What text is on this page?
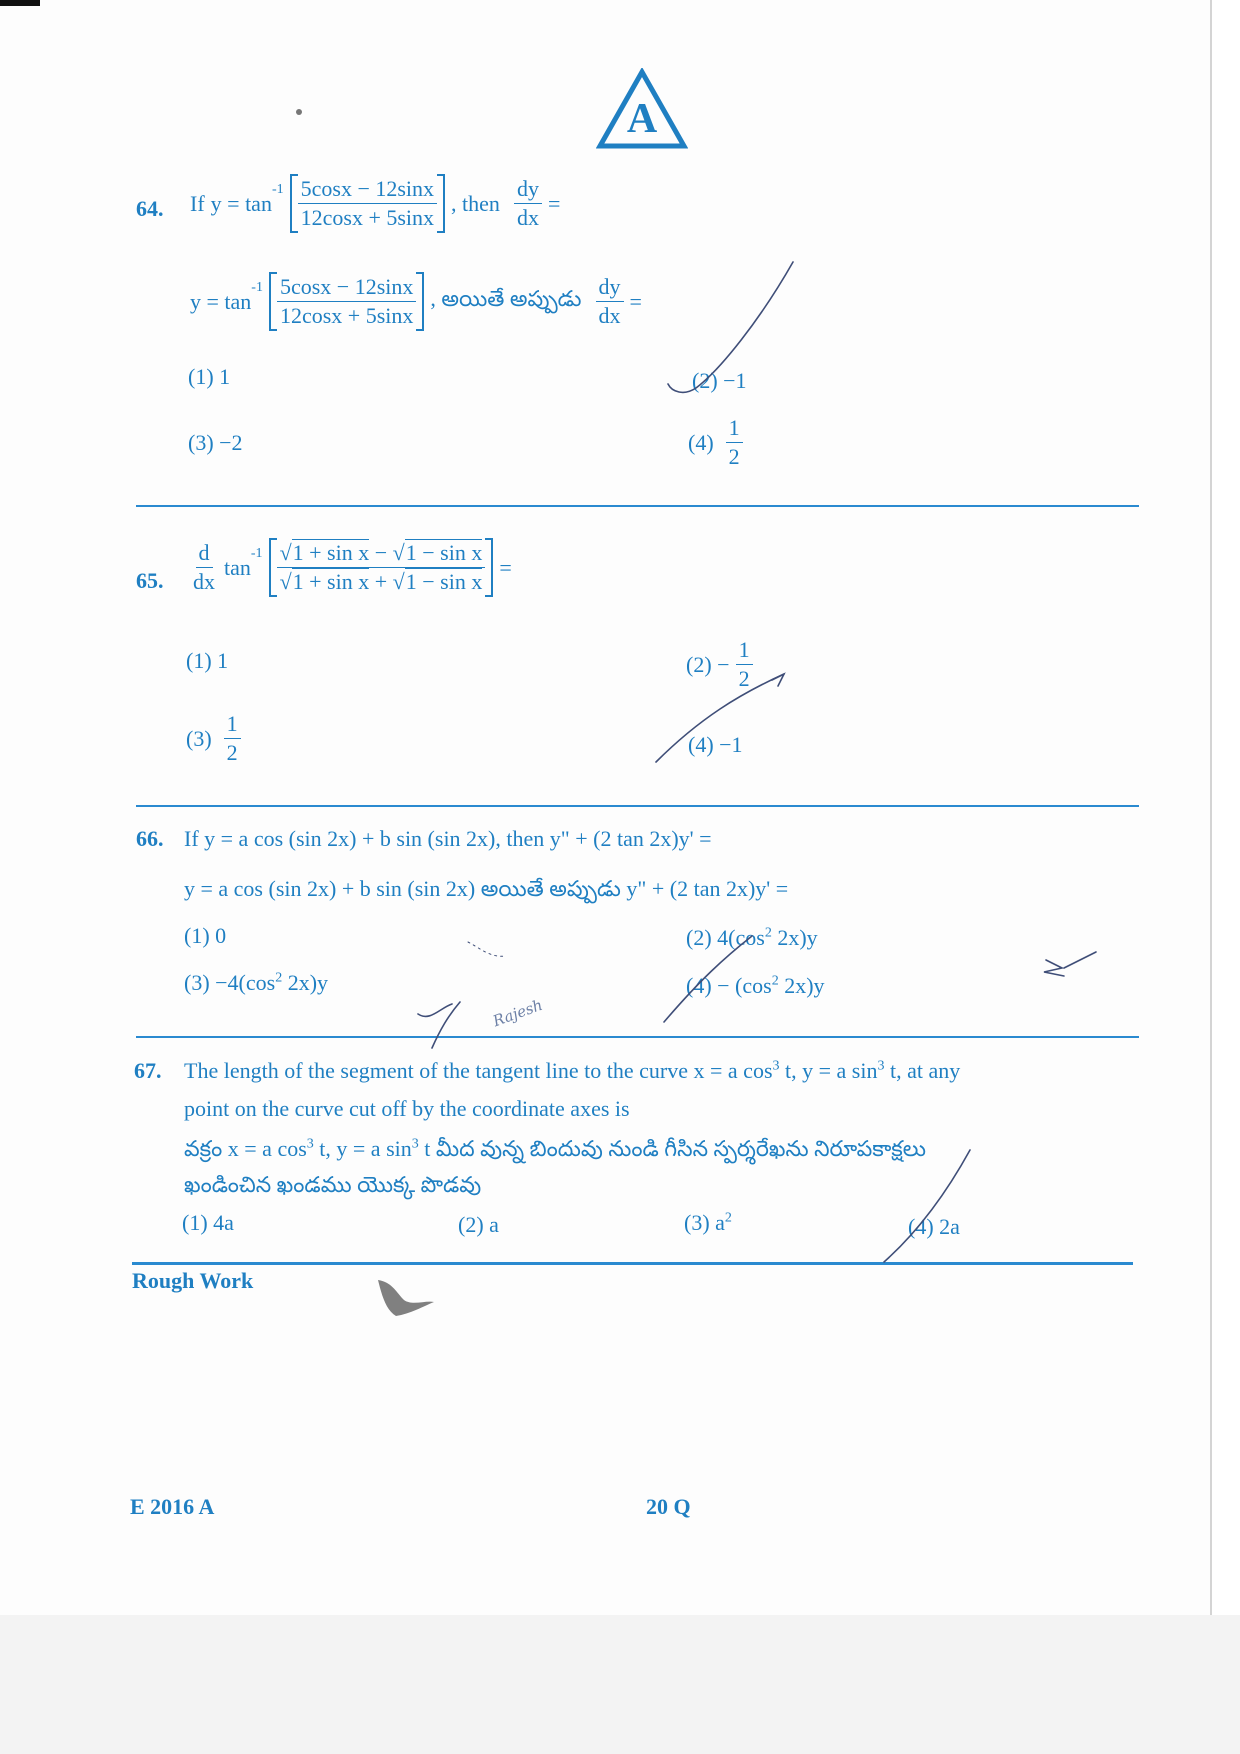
A
64. If y = tan
$^{-1} \frac{5\cos x - 12\sin x}{12\cos x + 5\sin x}$ , then $\frac{dy}{dx}$ =
y = tan
$^{-1} \frac{5\cos x - 12\sin x}{12\cos x + 5\sin x}$ , అయితే అప్పుడు $\frac{dy}{dx}$ =
(1) 1	(2) −1
(3) −2	$(4) \frac{1}{2}$
65. $\frac{d}{dx}$ tan
$^{-1} \frac{\text{√1 + sin x − √1 − sin x}}{\text{√1 + sin x + √1 − sin x}}$ =
(1) 1	$(2) - \frac{1}{2}$
$(3) \frac{1}{2}$	(4) −1
66. If y = a cos (sin 2x) + b sin (sin 2x), then y" + (2 tan 2x)y' =
y = a cos (sin 2x) + b sin (sin 2x) అయితే అప్పుడు y" + (2 tan 2x)y' =
(1) 0	(2) $4(\cos^2$ 2x)y
$(3) -4(\cos^2$ 2x)y	$(4) - (\cos^2$ 2x)y
67. The length of the segment of the tangent line to the curve x = a $\cos^3 t$, y = a $\sin^3 t$, at any
point on the curve cut off by the coordinate axes is
వక్రం x = a $\cos^3 t$, y = a $\sin^3 t$ మీద వున్న బిందువు నుండి గీసిన స్పర్శరేఖను నిరూపకాక్షలు
ఖండించిన ఖండము యొక్క పొడవు
(1) 4a	(2) a	(3) $a^2$	(4) 2a
Rough Work
E 2016 A	20 Q
Rajesh
